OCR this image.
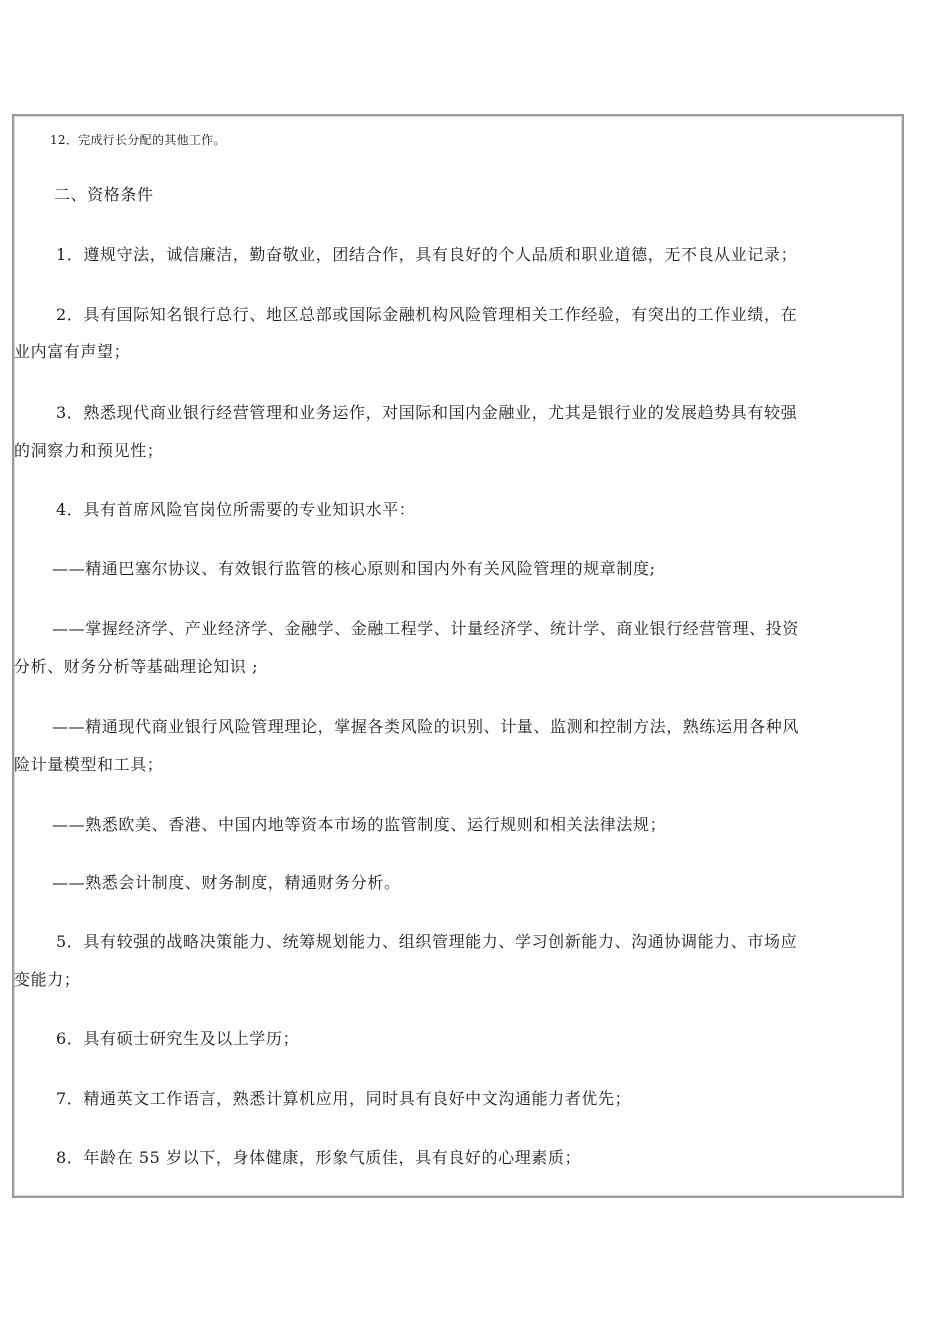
12．完成行长分配的其他工作。
二、资格条件
1．遵规守法，诚信廉洁，勤奋敬业，团结合作，具有良好的个人品质和职业道德，无不良从业记录；
2．具有国际知名银行总行、地区总部或国际金融机构风险管理相关工作经验，有突出的工作业绩，在
业内富有声望；
3．熟悉现代商业银行经营管理和业务运作，对国际和国内金融业，尤其是银行业的发展趋势具有较强
的洞察力和预见性；
4．具有首席风险官岗位所需要的专业知识水平：
——精通巴塞尔协议、有效银行监管的核心原则和国内外有关风险管理的规章制度;
——掌握经济学、产业经济学、金融学、金融工程学、计量经济学、统计学、商业银行经营管理、投资
分析、财务分析等基础理论知识 ;
——精通现代商业银行风险管理理论，掌握各类风险的识别、计量、监测和控制方法，熟练运用各种风
险计量模型和工具；
——熟悉欧美、香港、中国内地等资本市场的监管制度、运行规则和相关法律法规；
——熟悉会计制度、财务制度，精通财务分析。
5．具有较强的战略决策能力、统筹规划能力、组织管理能力、学习创新能力、沟通协调能力、市场应
变能力；
6．具有硕士研究生及以上学历；
7．精通英文工作语言，熟悉计算机应用，同时具有良好中文沟通能力者优先；
8．年龄在 55 岁以下，身体健康，形象气质佳，具有良好的心理素质；
